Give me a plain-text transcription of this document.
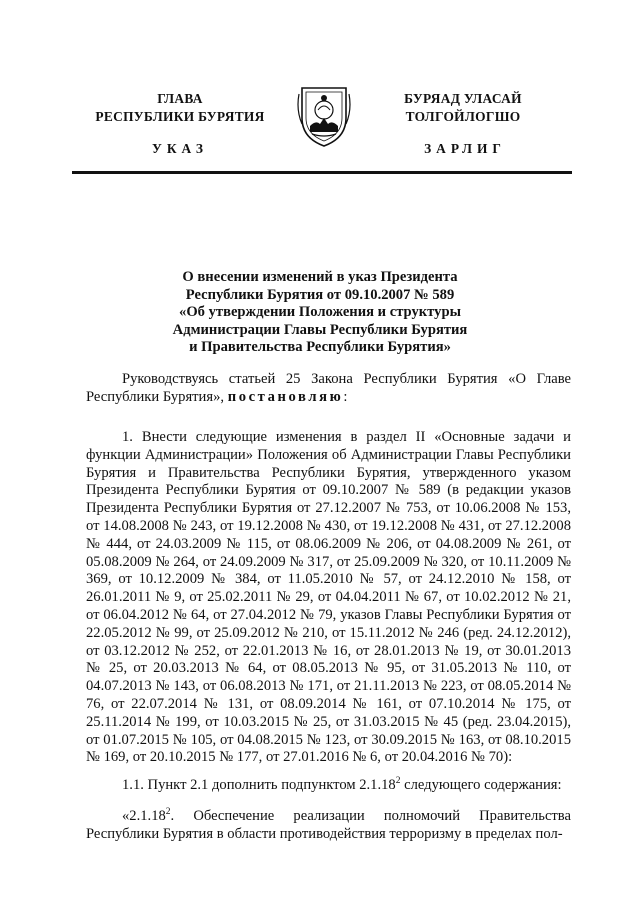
ГЛАВА
РЕСПУБЛИКИ БУРЯТИЯ
УКАЗ
БУРЯАД УЛАСАЙ
ТОЛГОЙЛОГШО
ЗАРЛИГ
О внесении изменений в указ Президента
Республики Бурятия от 09.10.2007 № 589
«Об утверждении Положения и структуры
Администрации Главы Республики Бурятия
и Правительства Республики Бурятия»
Руководствуясь статьей 25 Закона Республики Бурятия «О Главе Республики Бурятия», постановляю:
1. Внести следующие изменения в раздел II «Основные задачи и функции Администрации» Положения об Администрации Главы Республики Бурятия и Правительства Республики Бурятия, утвержденного указом Президента Республики Бурятия от 09.10.2007 № 589 (в редакции указов Президента Республики Бурятия от 27.12.2007 № 753, от 10.06.2008 № 153, от 14.08.2008 № 243, от 19.12.2008 № 430, от 19.12.2008 № 431, от 27.12.2008 № 444, от 24.03.2009 № 115, от 08.06.2009 № 206, от 04.08.2009 № 261, от 05.08.2009 № 264, от 24.09.2009 № 317, от 25.09.2009 № 320, от 10.11.2009 № 369, от 10.12.2009 № 384, от 11.05.2010 № 57, от 24.12.2010 № 158, от 26.01.2011 № 9, от 25.02.2011 № 29, от 04.04.2011 № 67, от 10.02.2012 № 21, от 06.04.2012 № 64, от 27.04.2012 № 79, указов Главы Республики Бурятия от 22.05.2012 № 99, от 25.09.2012 № 210, от 15.11.2012 № 246 (ред. 24.12.2012), от 03.12.2012 № 252, от 22.01.2013 № 16, от 28.01.2013 № 19, от 30.01.2013 № 25, от 20.03.2013 № 64, от 08.05.2013 № 95, от 31.05.2013 № 110, от 04.07.2013 № 143, от 06.08.2013 № 171, от 21.11.2013 № 223, от 08.05.2014 № 76, от 22.07.2014 № 131, от 08.09.2014 № 161, от 07.10.2014 № 175, от 25.11.2014 № 199, от 10.03.2015 № 25, от 31.03.2015 № 45 (ред. 23.04.2015), от 01.07.2015 № 105, от 04.08.2015 № 123, от 30.09.2015 № 163, от 08.10.2015 № 169, от 20.10.2015 № 177, от 27.01.2016 № 6, от 20.04.2016 № 70):
1.1. Пункт 2.1 дополнить подпунктом 2.1.18$^2$ следующего содержания:
«2.1.18$^2$. Обеспечение реализации полномочий Правительства Республики Бурятия в области противодействия терроризму в пределах пол-
